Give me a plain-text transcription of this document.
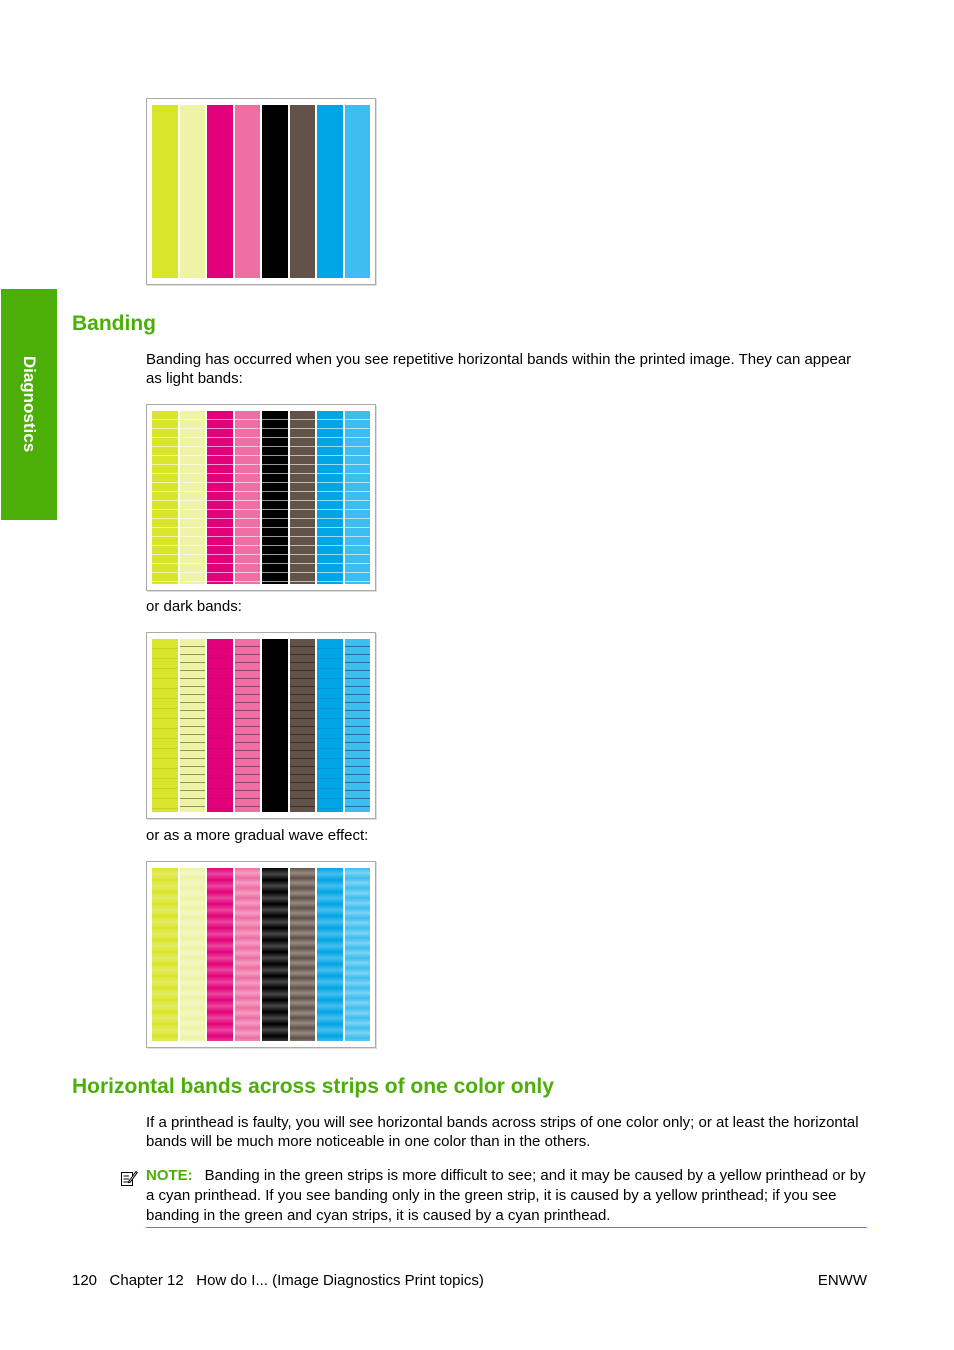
Diagnostics
Banding

Banding has occurred when you see repetitive horizontal bands within the printed image. They can appear as light bands:

or dark bands:

or as a more gradual wave effect:

Horizontal bands across strips of one color only

If a printhead is faulty, you will see horizontal bands across strips of one color only; or at least the horizontal bands will be much more noticeable in one color than in the others.

NOTE: Banding in the green strips is more difficult to see; and it may be caused by a yellow printhead or by a cyan printhead. If you see banding only in the green strip, it is caused by a yellow printhead; if you see banding in the green and cyan strips, it is caused by a cyan printhead.
120   Chapter 12   How do I... (Image Diagnostics Print topics)	ENWW
